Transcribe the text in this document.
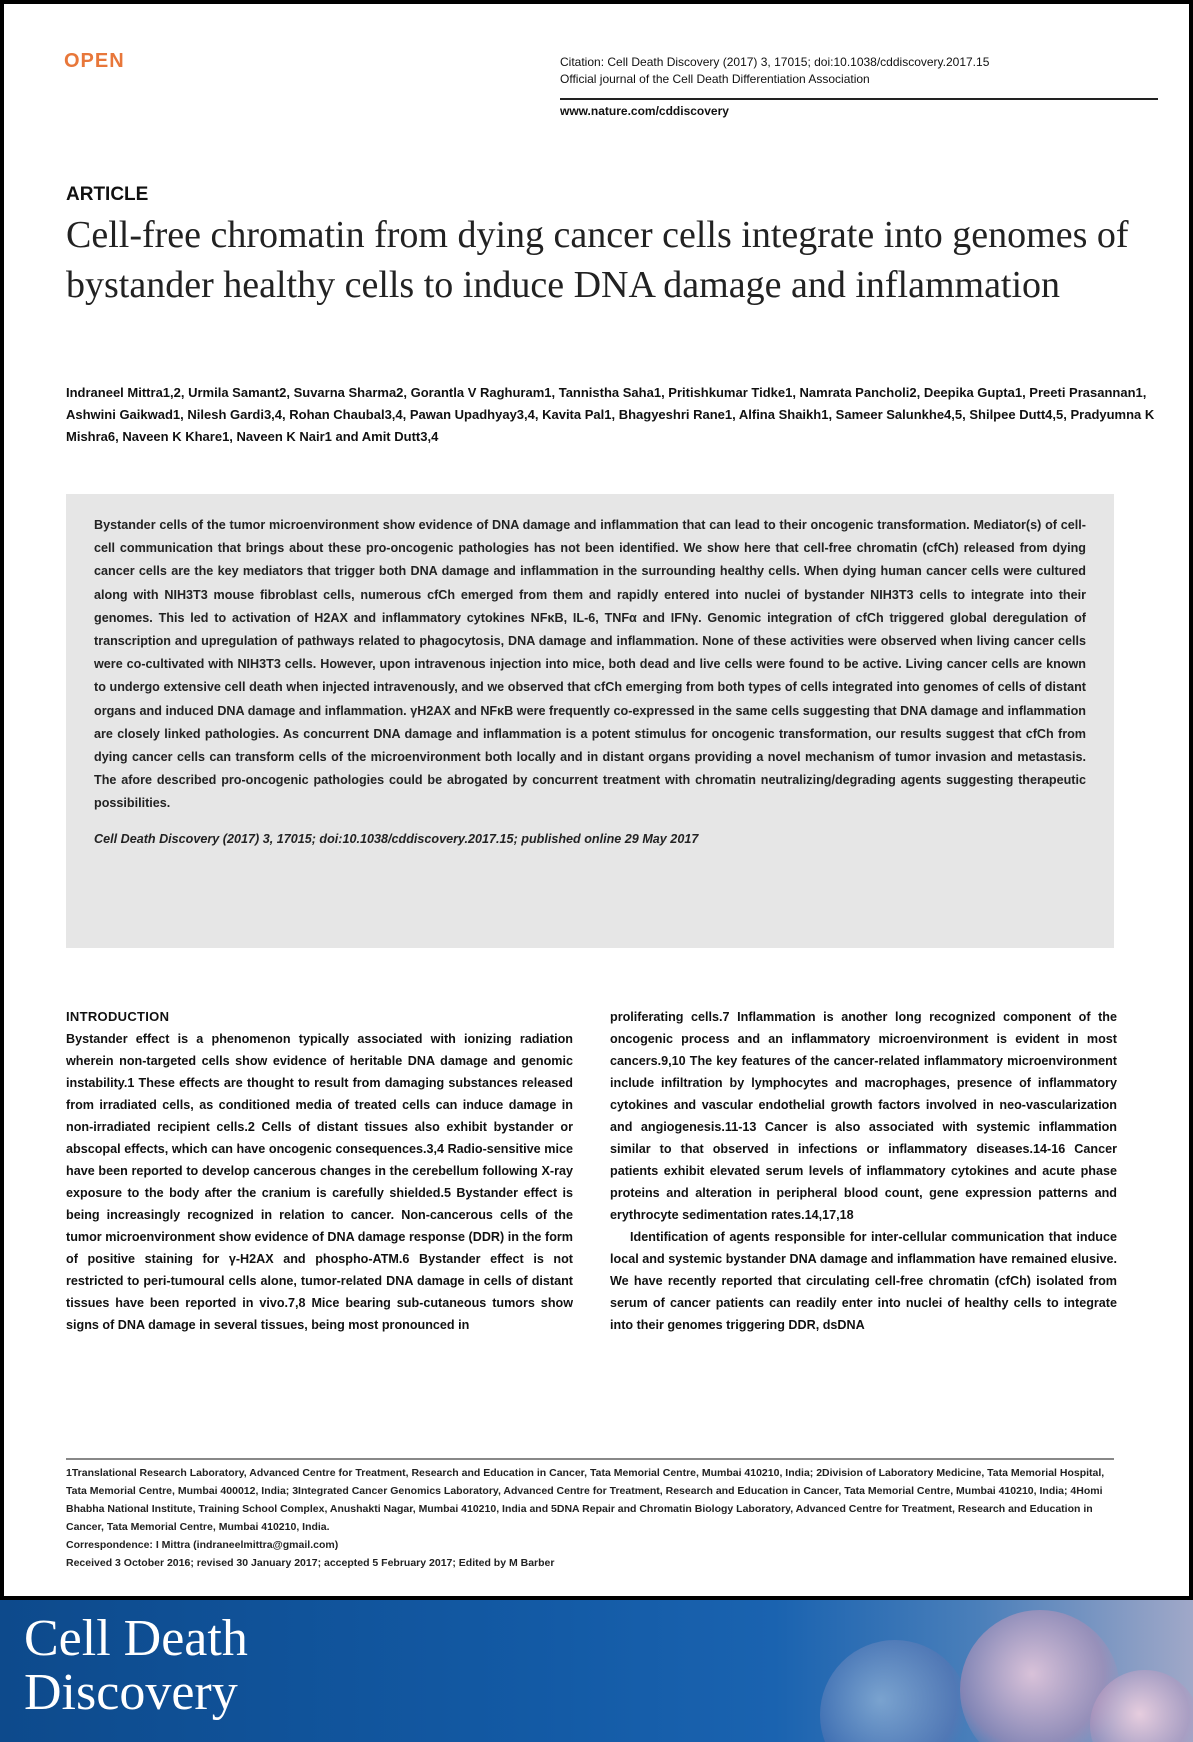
OPEN	Citation: Cell Death Discovery (2017) 3, 17015; doi:10.1038/cddiscovery.2017.15
Official journal of the Cell Death Differentiation Association
www.nature.com/cddiscovery
ARTICLE
Cell-free chromatin from dying cancer cells integrate into genomes of bystander healthy cells to induce DNA damage and inflammation
Indraneel Mittra1,2, Urmila Samant2, Suvarna Sharma2, Gorantla V Raghuram1, Tannistha Saha1, Pritishkumar Tidke1, Namrata Pancholi2, Deepika Gupta1, Preeti Prasannan1, Ashwini Gaikwad1, Nilesh Gardi3,4, Rohan Chaubal3,4, Pawan Upadhyay3,4, Kavita Pal1, Bhagyeshri Rane1, Alfina Shaikh1, Sameer Salunkhe4,5, Shilpee Dutt4,5, Pradyumna K Mishra6, Naveen K Khare1, Naveen K Nair1 and Amit Dutt3,4
Bystander cells of the tumor microenvironment show evidence of DNA damage and inflammation that can lead to their oncogenic transformation. Mediator(s) of cell-cell communication that brings about these pro-oncogenic pathologies has not been identified. We show here that cell-free chromatin (cfCh) released from dying cancer cells are the key mediators that trigger both DNA damage and inflammation in the surrounding healthy cells. When dying human cancer cells were cultured along with NIH3T3 mouse fibroblast cells, numerous cfCh emerged from them and rapidly entered into nuclei of bystander NIH3T3 cells to integrate into their genomes. This led to activation of H2AX and inflammatory cytokines NFκB, IL-6, TNFα and IFNγ. Genomic integration of cfCh triggered global deregulation of transcription and upregulation of pathways related to phagocytosis, DNA damage and inflammation. None of these activities were observed when living cancer cells were co-cultivated with NIH3T3 cells. However, upon intravenous injection into mice, both dead and live cells were found to be active. Living cancer cells are known to undergo extensive cell death when injected intravenously, and we observed that cfCh emerging from both types of cells integrated into genomes of cells of distant organs and induced DNA damage and inflammation. γH2AX and NFκB were frequently co-expressed in the same cells suggesting that DNA damage and inflammation are closely linked pathologies. As concurrent DNA damage and inflammation is a potent stimulus for oncogenic transformation, our results suggest that cfCh from dying cancer cells can transform cells of the microenvironment both locally and in distant organs providing a novel mechanism of tumor invasion and metastasis. The afore described pro-oncogenic pathologies could be abrogated by concurrent treatment with chromatin neutralizing/degrading agents suggesting therapeutic possibilities.
Cell Death Discovery (2017) 3, 17015; doi:10.1038/cddiscovery.2017.15; published online 29 May 2017
INTRODUCTION
Bystander effect is a phenomenon typically associated with ionizing radiation wherein non-targeted cells show evidence of heritable DNA damage and genomic instability.1 These effects are thought to result from damaging substances released from irradiated cells, as conditioned media of treated cells can induce damage in non-irradiated recipient cells.2 Cells of distant tissues also exhibit bystander or abscopal effects, which can have oncogenic consequences.3,4 Radio-sensitive mice have been reported to develop cancerous changes in the cerebellum following X-ray exposure to the body after the cranium is carefully shielded.5 Bystander effect is being increasingly recognized in relation to cancer. Non-cancerous cells of the tumor microenvironment show evidence of DNA damage response (DDR) in the form of positive staining for γ-H2AX and phospho-ATM.6 Bystander effect is not restricted to peri-tumoural cells alone, tumor-related DNA damage in cells of distant tissues have been reported in vivo.7,8 Mice bearing sub-cutaneous tumors show signs of DNA damage in several tissues, being most pronounced in
proliferating cells.7 Inflammation is another long recognized component of the oncogenic process and an inflammatory microenvironment is evident in most cancers.9,10 The key features of the cancer-related inflammatory microenvironment include infiltration by lymphocytes and macrophages, presence of inflammatory cytokines and vascular endothelial growth factors involved in neo-vascularization and angiogenesis.11-13 Cancer is also associated with systemic inflammation similar to that observed in infections or inflammatory diseases.14-16 Cancer patients exhibit elevated serum levels of inflammatory cytokines and acute phase proteins and alteration in peripheral blood count, gene expression patterns and erythrocyte sedimentation rates.14,17,18
Identification of agents responsible for inter-cellular communication that induce local and systemic bystander DNA damage and inflammation have remained elusive. We have recently reported that circulating cell-free chromatin (cfCh) isolated from serum of cancer patients can readily enter into nuclei of healthy cells to integrate into their genomes triggering DDR, dsDNA
1Translational Research Laboratory, Advanced Centre for Treatment, Research and Education in Cancer, Tata Memorial Centre, Mumbai 410210, India; 2Division of Laboratory Medicine, Tata Memorial Hospital, Tata Memorial Centre, Mumbai 400012, India; 3Integrated Cancer Genomics Laboratory, Advanced Centre for Treatment, Research and Education in Cancer, Tata Memorial Centre, Mumbai 410210, India; 4Homi Bhabha National Institute, Training School Complex, Anushakti Nagar, Mumbai 410210, India and 5DNA Repair and Chromatin Biology Laboratory, Advanced Centre for Treatment, Research and Education in Cancer, Tata Memorial Centre, Mumbai 410210, India.
Correspondence: I Mittra (indraneelmittra@gmail.com)
Received 3 October 2016; revised 30 January 2017; accepted 5 February 2017; Edited by M Barber
Cell Death
Discovery
